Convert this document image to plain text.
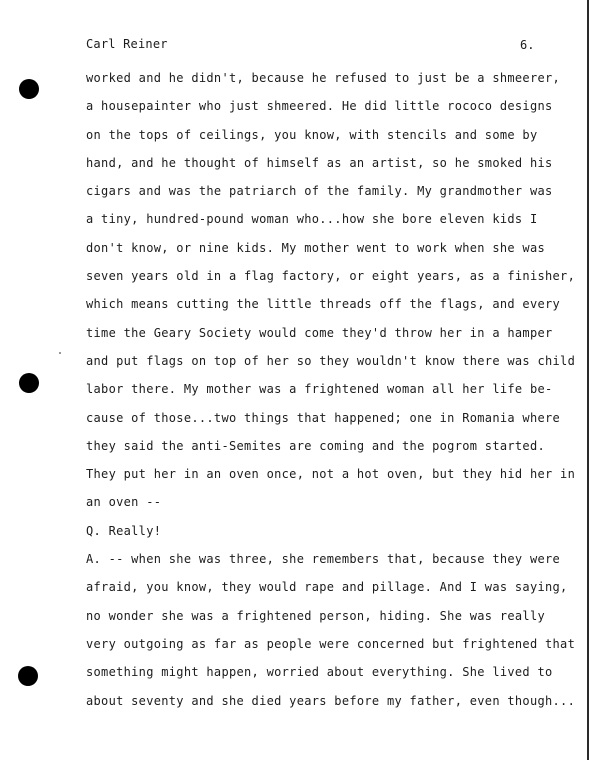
Carl Reiner	6.
worked and he didn't, because he refused to just be a shmeerer,
a housepainter who just shmeered. He did little rococo designs
on the tops of ceilings, you know, with stencils and some by
hand, and he thought of himself as an artist, so he smoked his
cigars and was the patriarch of the family. My grandmother was
a tiny, hundred-pound woman who...how she bore eleven kids I
don't know, or nine kids. My mother went to work when she was
seven years old in a flag factory, or eight years, as a finisher,
which means cutting the little threads off the flags, and every
time the Geary Society would come they'd throw her in a hamper
and put flags on top of her so they wouldn't know there was child
labor there. My mother was a frightened woman all her life be-
cause of those...two things that happened; one in Romania where
they said the anti-Semites are coming and the pogrom started.
They put her in an oven once, not a hot oven, but they hid her in
an oven --
Q. Really!
A. -- when she was three, she remembers that, because they were
afraid, you know, they would rape and pillage. And I was saying,
no wonder she was a frightened person, hiding. She was really
very outgoing as far as people were concerned but frightened that
something might happen, worried about everything. She lived to
about seventy and she died years before my father, even though...
